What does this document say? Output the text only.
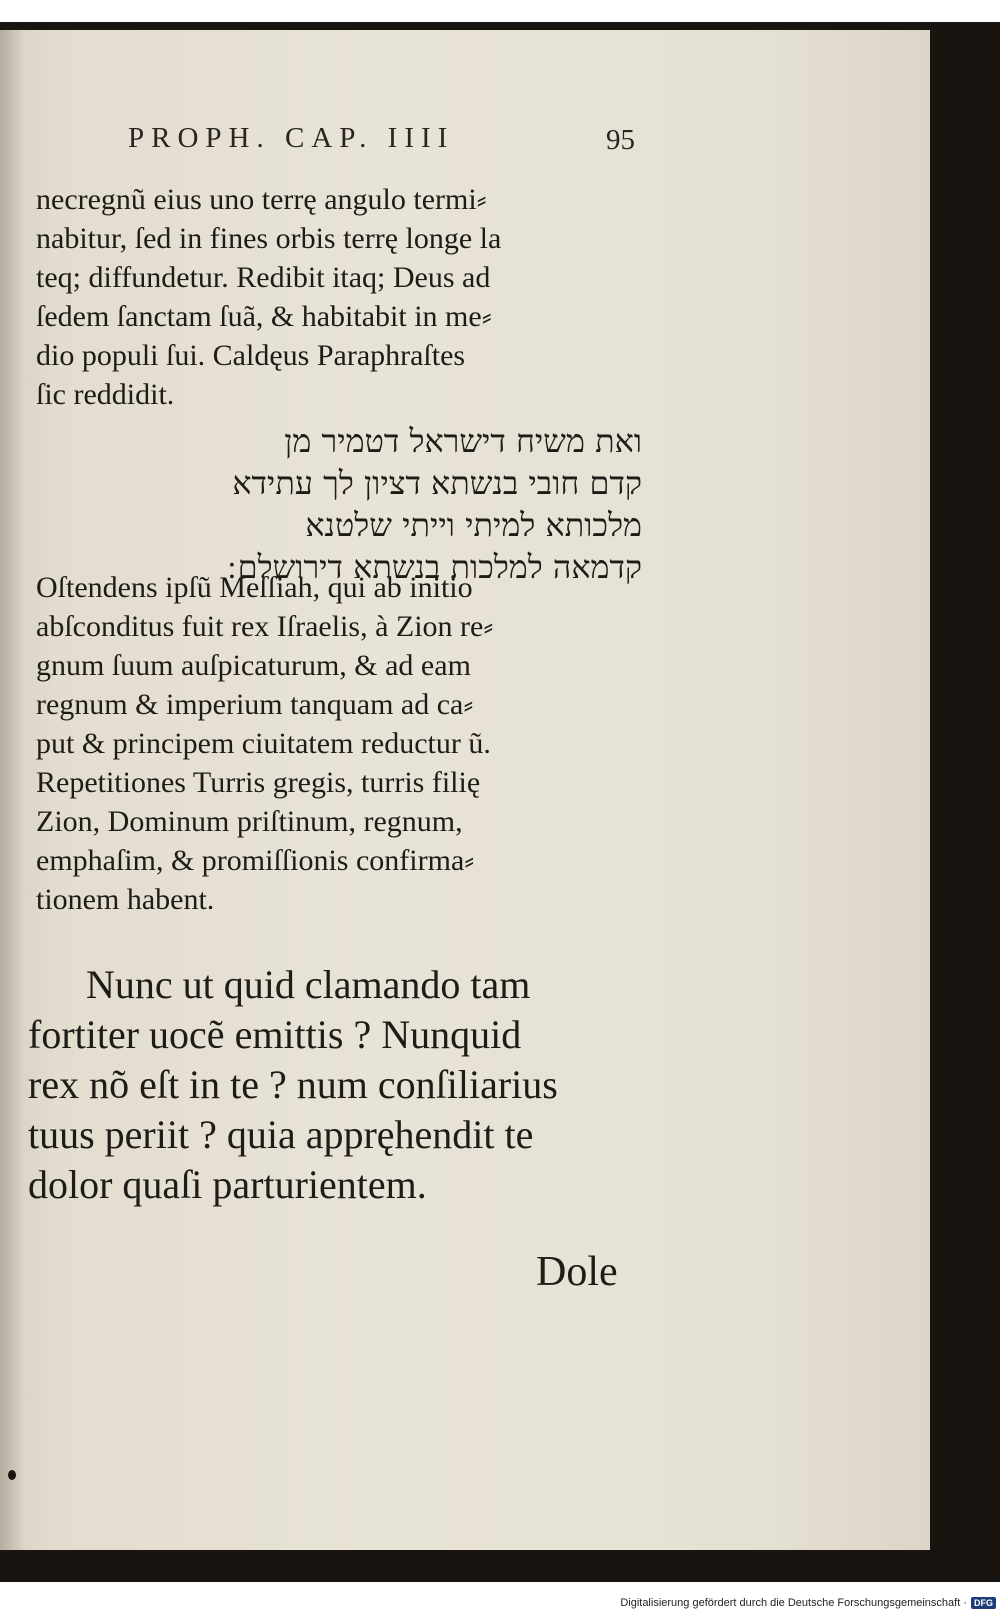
PROPH. CAP. IIII	95
necregnũ eius uno terrę angulo termi⸗
nabitur, ſed in fines orbis terrę longe la
teq; diffundetur. Redibit itaq; Deus ad
ſedem ſanctam ſuã, & habitabit in me⸗
dio populi ſui. Caldęus Paraphraſtes
ſic reddidit.
ואת משיח דישראל דטמיר מן
קדם חובי בנשתא דציון לך עתידא
מלכותא למיתי וייתי שלטנא
קדמאה למלכות בנשתא דירושלם ׃
Oſtendens ipſũ Meſſiah, qui ab initio
abſconditus fuit rex Iſraelis, à Zion re⸗
gnum ſuum auſpicaturum, & ad eam
regnum & imperium tanquam ad ca⸗
put & principem ciuitatem reductur ũ.
Repetitiones Turris gregis, turris filię
Zion, Dominum priſtinum, regnum,
emphaſim, & promiſſionis confirma⸗
tionem habent.
Nunc ut quid clamando tam
fortiter uocẽ emittis ? Nunquid
rex nõ eſt in te ? num conſiliarius
tuus periit ? quia appręhendit te
dolor quaſi parturientem.
Dole
Digitalisierung gefördert durch die Deutsche Forschungsgemeinschaft · DFG
